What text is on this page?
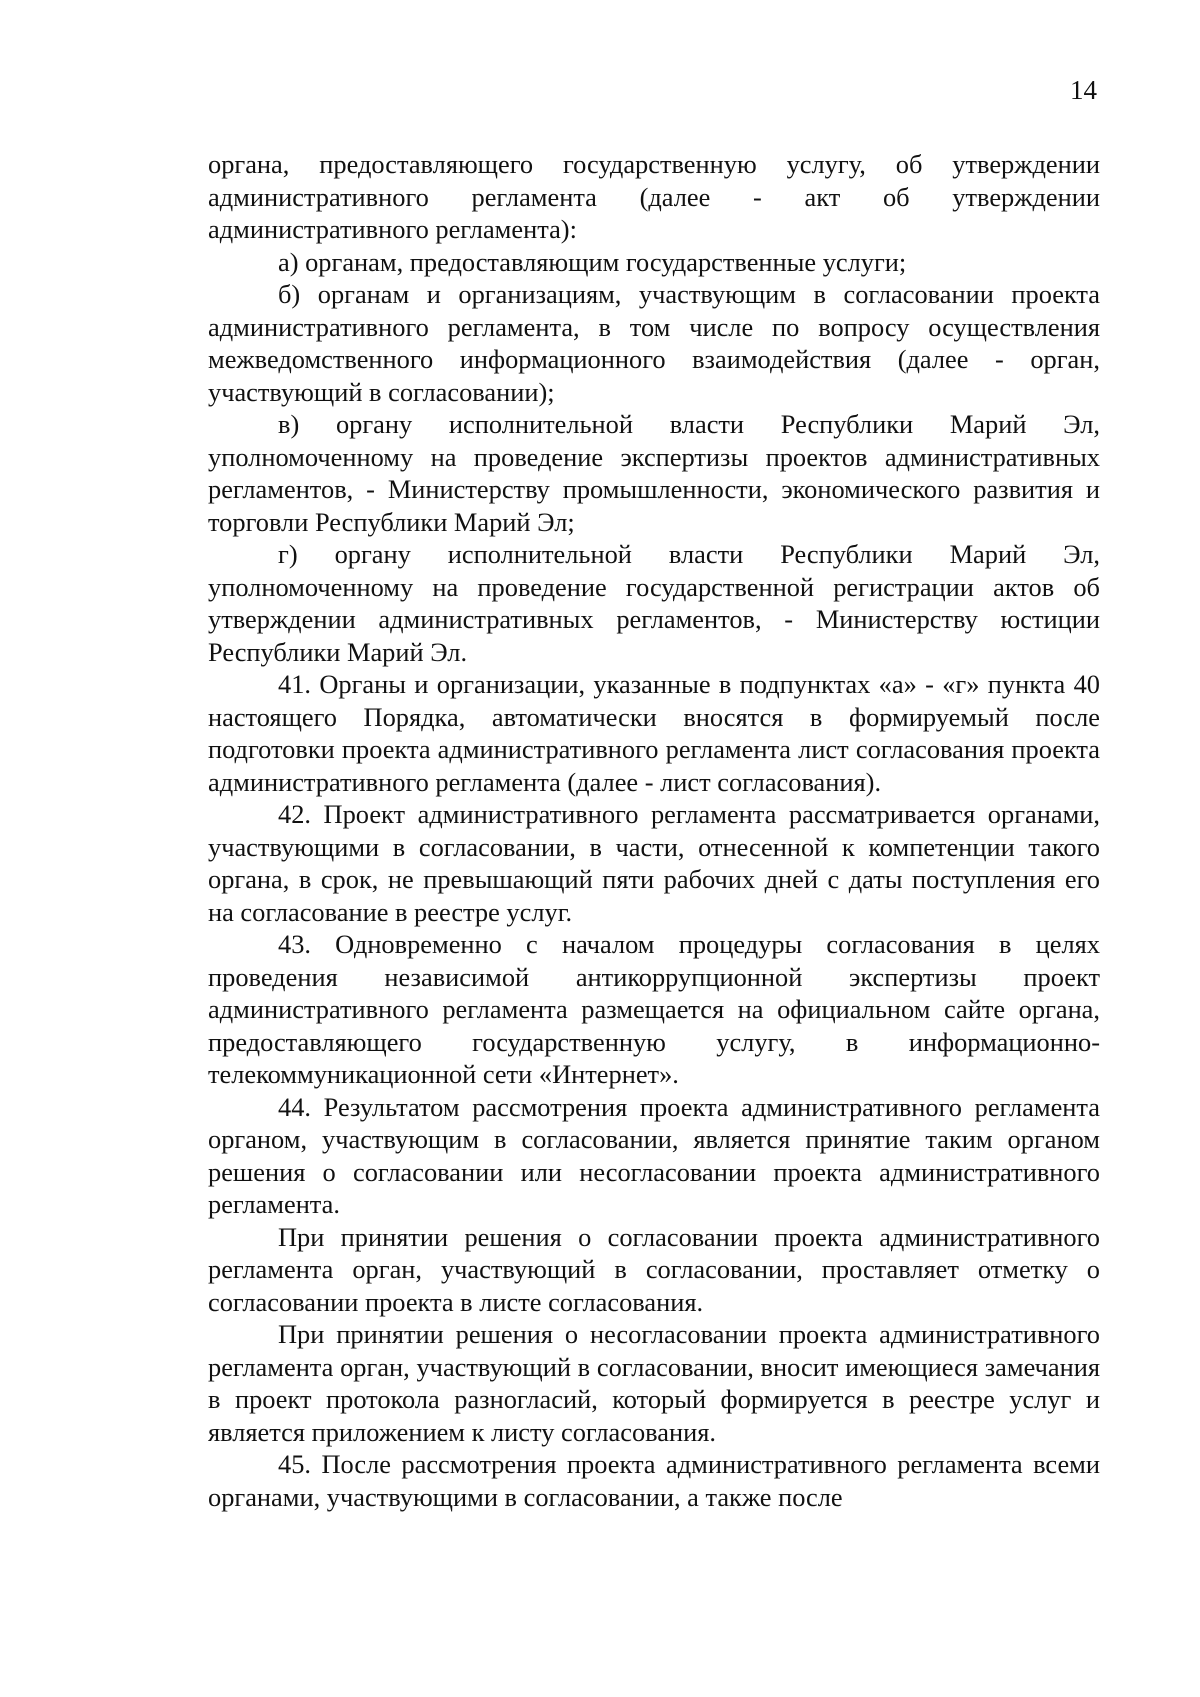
14

органа, предоставляющего государственную услугу, об утверждении административного регламента (далее - акт об утверждении административного регламента):

а) органам, предоставляющим государственные услуги;

б) органам и организациям, участвующим в согласовании проекта административного регламента, в том числе по вопросу осуществления межведомственного информационного взаимодействия (далее - орган, участвующий в согласовании);

в) органу исполнительной власти Республики Марий Эл, уполномоченному на проведение экспертизы проектов административных регламентов, - Министерству промышленности, экономического развития и торговли Республики Марий Эл;

г) органу исполнительной власти Республики Марий Эл, уполномоченному на проведение государственной регистрации актов об утверждении административных регламентов, - Министерству юстиции Республики Марий Эл.

41. Органы и организации, указанные в подпунктах «а» - «г» пункта 40 настоящего Порядка, автоматически вносятся в формируемый после подготовки проекта административного регламента лист согласования проекта административного регламента (далее - лист согласования).

42. Проект административного регламента рассматривается органами, участвующими в согласовании, в части, отнесенной к компетенции такого органа, в срок, не превышающий пяти рабочих дней с даты поступления его на согласование в реестре услуг.

43. Одновременно с началом процедуры согласования в целях проведения независимой антикоррупционной экспертизы проект административного регламента размещается на официальном сайте органа, предоставляющего государственную услугу, в информационно-телекоммуникационной сети «Интернет».

44. Результатом рассмотрения проекта административного регламента органом, участвующим в согласовании, является принятие таким органом решения о согласовании или несогласовании проекта административного регламента.

При принятии решения о согласовании проекта административного регламента орган, участвующий в согласовании, проставляет отметку о согласовании проекта в листе согласования.

При принятии решения о несогласовании проекта административного регламента орган, участвующий в согласовании, вносит имеющиеся замечания в проект протокола разногласий, который формируется в реестре услуг и является приложением к листу согласования.

45. После рассмотрения проекта административного регламента всеми органами, участвующими в согласовании, а также после
